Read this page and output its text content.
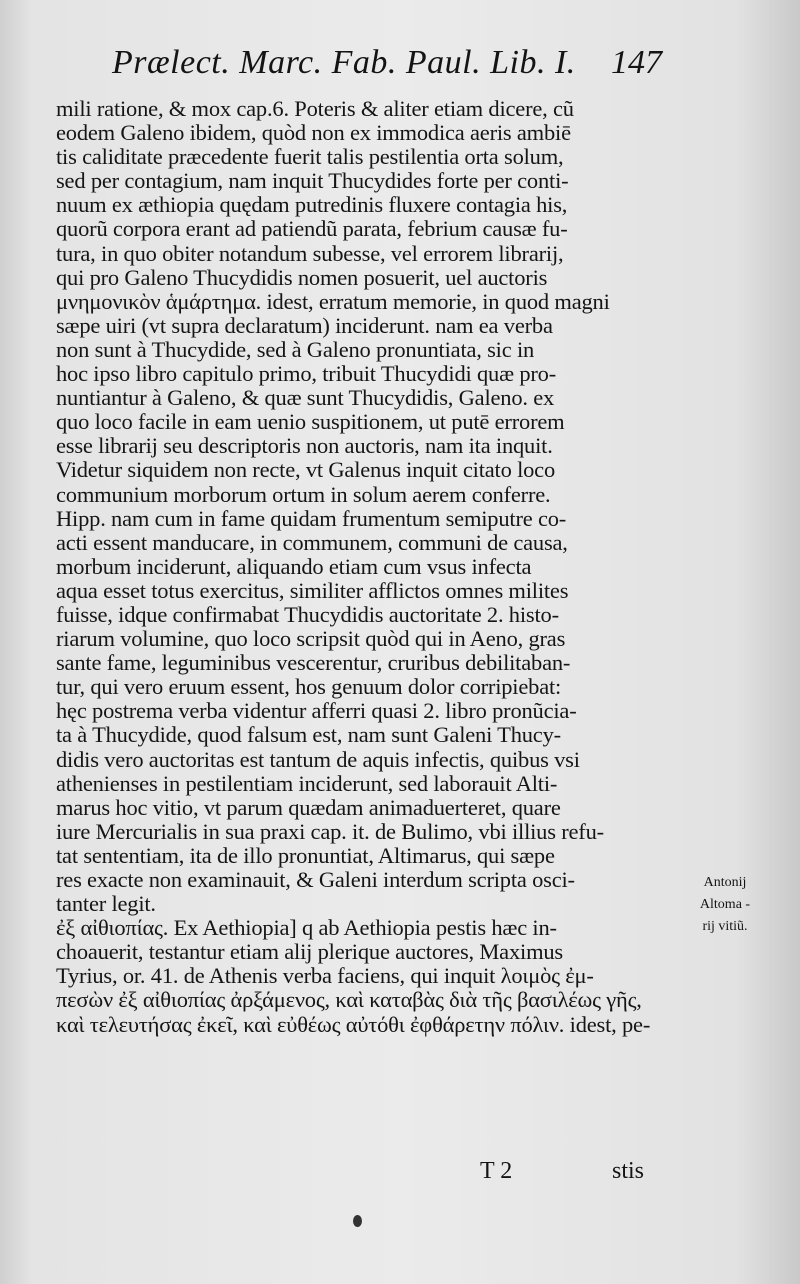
Prælect. Marc. Fab. Paul. Lib. I. 147
mili ratione, & mox cap.6. Poteris & aliter etiam dicere, cũ
eodem Galeno ibidem, quòd non ex immodica aeris ambiē
tis caliditate præcedente fuerit talis pestilentia orta solum,
sed per contagium, nam inquit Thucydides forte per conti-
nuum ex æthiopia quędam putredinis fluxere contagia his,
quorũ corpora erant ad patiendũ parata, febrium causæ fu-
tura, in quo obiter notandum subesse, vel errorem librarij,
qui pro Galeno Thucydidis nomen posuerit, uel auctoris
μνημονικὸν ἁμάρτημα. idest, erratum memorie, in quod magni
sæpe uiri (vt supra declaratum) inciderunt. nam ea verba
non sunt à Thucydide, sed à Galeno pronuntiata, sic in
hoc ipso libro capitulo primo, tribuit Thucydidi quæ pro-
nuntiantur à Galeno, & quæ sunt Thucydidis, Galeno. ex
quo loco facile in eam uenio suspitionem, ut putē errorem
esse librarij seu descriptoris non auctoris, nam ita inquit.
Videtur siquidem non recte, vt Galenus inquit citato loco
communium morborum ortum in solum aerem conferre.
Hipp. nam cum in fame quidam frumentum semiputre co-
acti essent manducare, in communem, communi de causa,
morbum inciderunt, aliquando etiam cum vsus infecta
aqua esset totus exercitus, similiter afflictos omnes milites
fuisse, idque confirmabat Thucydidis auctoritate 2. histo-
riarum volumine, quo loco scripsit quòd qui in Aeno, gras
sante fame, leguminibus vescerentur, cruribus debilitaban-
tur, qui vero eruum essent, hos genuum dolor corripiebat:
hęc postrema verba videntur afferri quasi 2. libro pronũcia-
ta à Thucydide, quod falsum est, nam sunt Galeni Thucy-
didis vero auctoritas est tantum de aquis infectis, quibus vsi
athenienses in pestilentiam inciderunt, sed laborauit Alti-
marus hoc vitio, vt parum quædam animaduerteret, quare
iure Mercurialis in sua praxi cap. it. de Bulimo, vbi illius refu-
tat sententiam, ita de illo pronuntiat, Altimarus, qui sæpe
res exacte non examinauit, & Galeni interdum scripta osci-
tanter legit.
ἐξ αἰθιοπίας. Ex Aethiopia] q ab Aethiopia pestis hæc in-
choauerit, testantur etiam alij plerique auctores, Maximus
Tyrius, or. 41. de Athenis verba faciens, qui inquit λοιμὸς ἐμ-
πεσὼν ἐξ αἰθιοπίας ἀρξάμενος, καὶ καταβὰς διὰ τῆς βασιλέως γῆς,
καὶ τελευτήσας ἐκεῖ, καὶ εὐθέως αὐτόθι ἐφθάρετην πόλιν. idest, pe-
Antonij
Altoma -
rij vitiũ.
T 2	stis
